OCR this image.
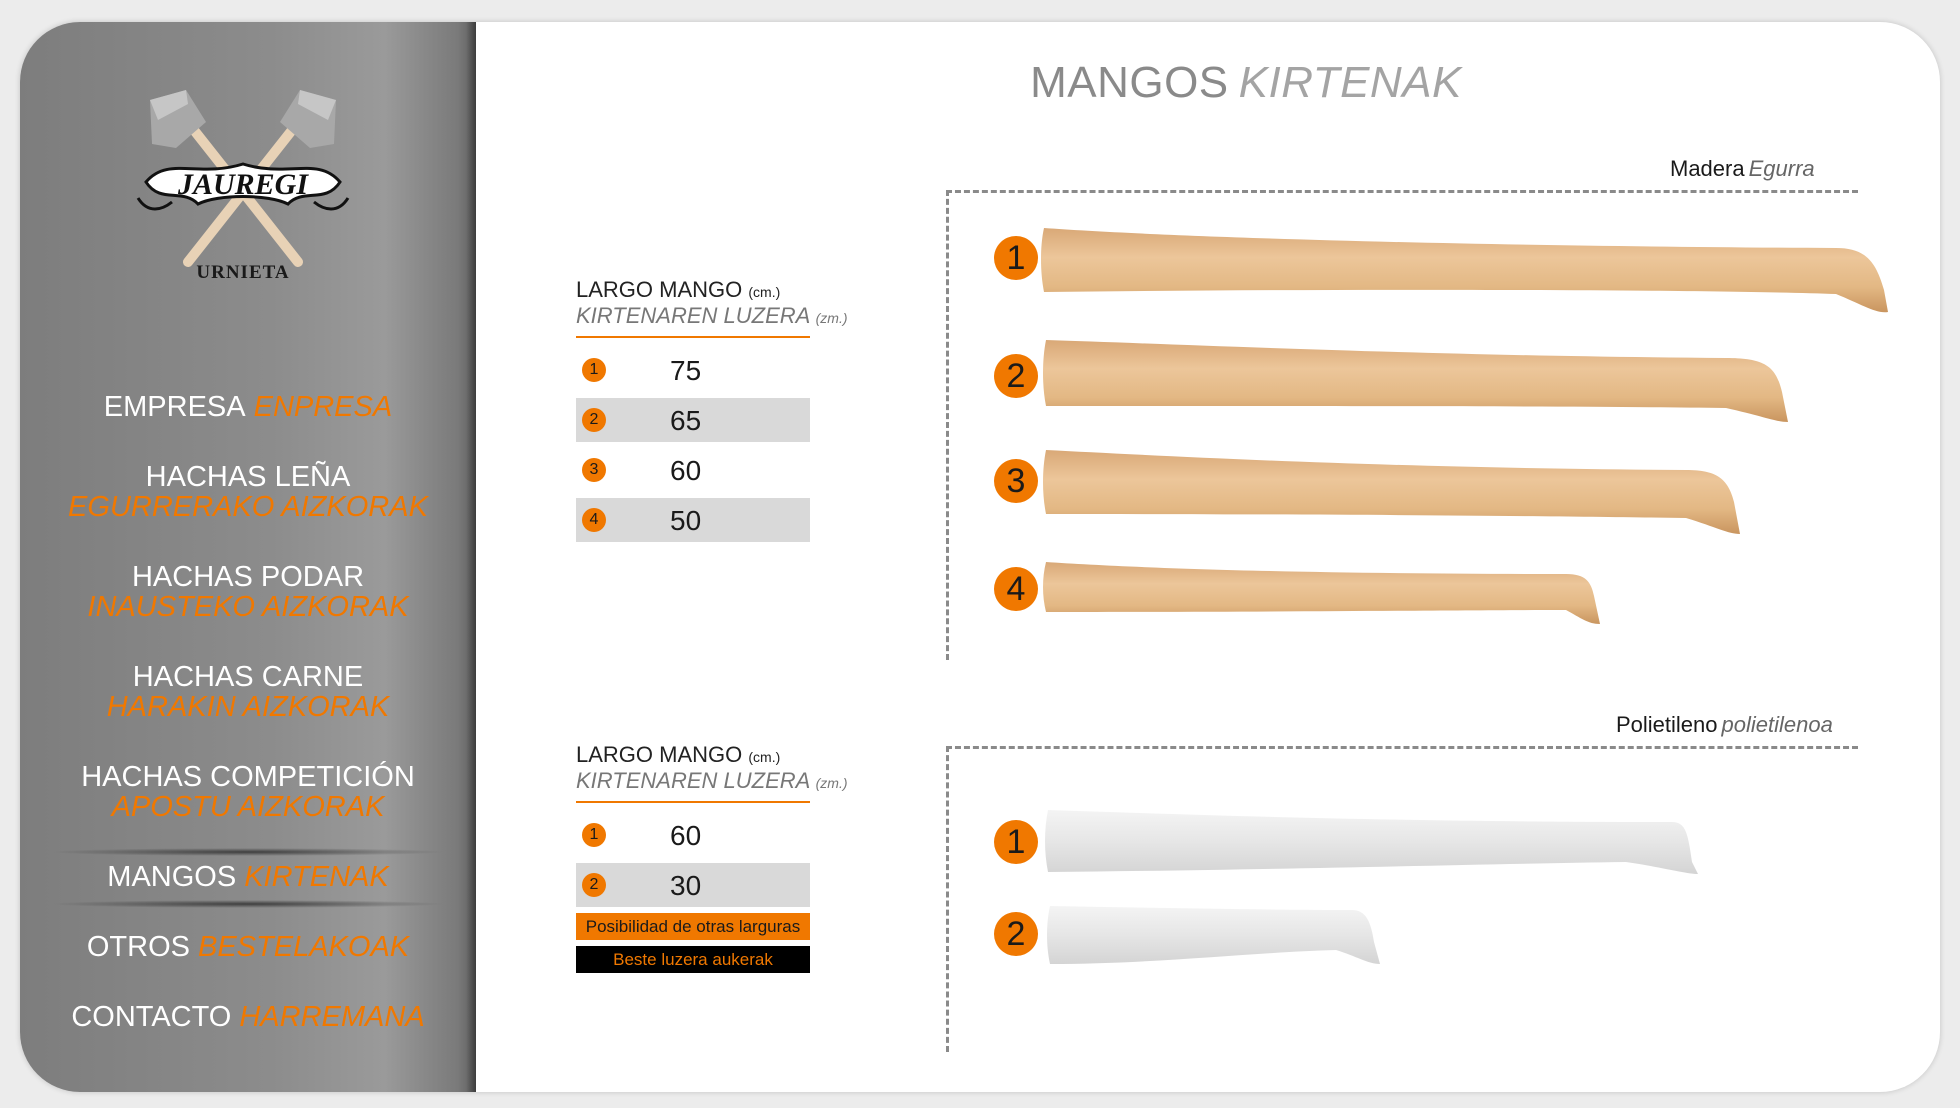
JAUREGI
URNIETA
EMPRESA ENPRESA
HACHAS LEÑA
EGURRERAKO AIZKORAK
HACHAS PODAR
INAUSTEKO AIZKORAK
HACHAS CARNE
HARAKIN AIZKORAK
HACHAS COMPETICIÓN
APOSTU AIZKORAK
MANGOS KIRTENAK
OTROS BESTELAKOAK
CONTACTO HARREMANA
MANGOS KIRTENAK
LARGO MANGO (cm.)
KIRTENAREN LUZERA (zm.)
1	75
2	65
3	60
4	50
LARGO MANGO (cm.)
KIRTENAREN LUZERA (zm.)
1	60
2	30
Posibilidad de otras larguras
Beste luzera aukerak
Madera Egurra
1
2
3
4
Polietileno polietilenoa
1
2
